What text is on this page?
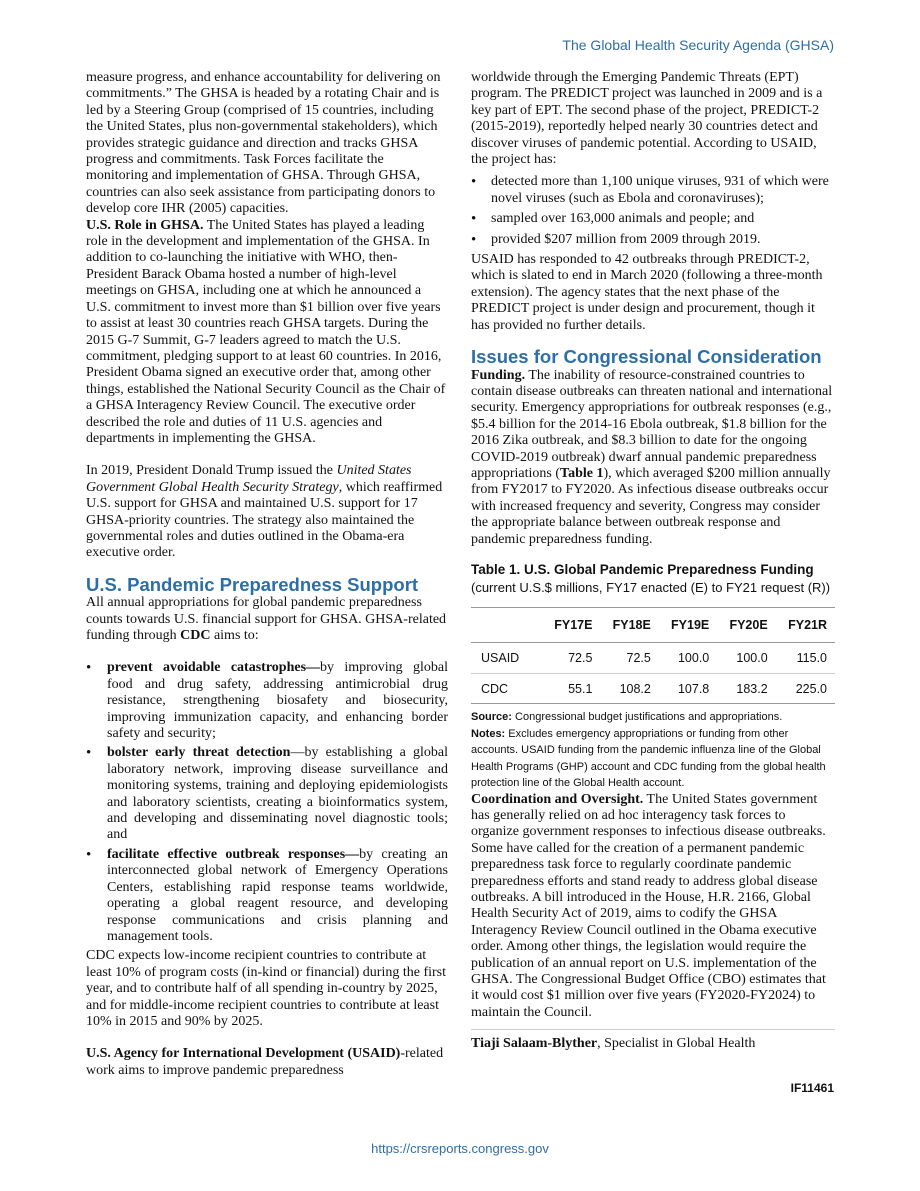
The Global Health Security Agenda (GHSA)

measure progress, and enhance accountability for delivering on commitments.” The GHSA is headed by a rotating Chair and is led by a Steering Group (comprised of 15 countries, including the United States, plus non-governmental stakeholders), which provides strategic guidance and direction and tracks GHSA progress and commitments. Task Forces facilitate the monitoring and implementation of GHSA. Through GHSA, countries can also seek assistance from participating donors to develop core IHR (2005) capacities.

U.S. Role in GHSA. The United States has played a leading role in the development and implementation of the GHSA. In addition to co-launching the initiative with WHO, then-President Barack Obama hosted a number of high-level meetings on GHSA, including one at which he announced a U.S. commitment to invest more than $1 billion over five years to assist at least 30 countries reach GHSA targets. During the 2015 G-7 Summit, G-7 leaders agreed to match the U.S. commitment, pledging support to at least 60 countries. In 2016, President Obama signed an executive order that, among other things, established the National Security Council as the Chair of a GHSA Interagency Review Council. The executive order described the role and duties of 11 U.S. agencies and departments in implementing the GHSA.

In 2019, President Donald Trump issued the United States Government Global Health Security Strategy, which reaffirmed U.S. support for GHSA and maintained U.S. support for 17 GHSA-priority countries. The strategy also maintained the governmental roles and duties outlined in the Obama-era executive order.

U.S. Pandemic Preparedness Support

All annual appropriations for global pandemic preparedness counts towards U.S. financial support for GHSA. GHSA-related funding through CDC aims to:

• prevent avoidable catastrophes—by improving global food and drug safety, addressing antimicrobial drug resistance, strengthening biosafety and biosecurity, improving immunization capacity, and enhancing border safety and security;
• bolster early threat detection—by establishing a global laboratory network, improving disease surveillance and monitoring systems, training and deploying epidemiologists and laboratory scientists, creating a bioinformatics system, and developing and disseminating novel diagnostic tools; and
• facilitate effective outbreak responses—by creating an interconnected global network of Emergency Operations Centers, establishing rapid response teams worldwide, operating a global reagent resource, and developing response communications and crisis planning and management tools.

CDC expects low-income recipient countries to contribute at least 10% of program costs (in-kind or financial) during the first year, and to contribute half of all spending in-country by 2025, and for middle-income recipient countries to contribute at least 10% in 2015 and 90% by 2025.

U.S. Agency for International Development (USAID)-related work aims to improve pandemic preparedness

worldwide through the Emerging Pandemic Threats (EPT) program. The PREDICT project was launched in 2009 and is a key part of EPT. The second phase of the project, PREDICT-2 (2015-2019), reportedly helped nearly 30 countries detect and discover viruses of pandemic potential. According to USAID, the project has:

• detected more than 1,100 unique viruses, 931 of which were novel viruses (such as Ebola and coronaviruses);
• sampled over 163,000 animals and people; and
• provided $207 million from 2009 through 2019.

USAID has responded to 42 outbreaks through PREDICT-2, which is slated to end in March 2020 (following a three-month extension). The agency states that the next phase of the PREDICT project is under design and procurement, though it has provided no further details.

Issues for Congressional Consideration

Funding. The inability of resource-constrained countries to contain disease outbreaks can threaten national and international security. Emergency appropriations for outbreak responses (e.g., $5.4 billion for the 2014-16 Ebola outbreak, $1.8 billion for the 2016 Zika outbreak, and $8.3 billion to date for the ongoing COVID-2019 outbreak) dwarf annual pandemic preparedness appropriations (Table 1), which averaged $200 million annually from FY2017 to FY2020. As infectious disease outbreaks occur with increased frequency and severity, Congress may consider the appropriate balance between outbreak response and pandemic preparedness funding.

Table 1. U.S. Global Pandemic Preparedness Funding
(current U.S.$ millions, FY17 enacted (E) to FY21 request (R))
	FY17E	FY18E	FY19E	FY20E	FY21R
USAID	72.5	72.5	100.0	100.0	115.0
CDC	55.1	108.2	107.8	183.2	225.0
Source: Congressional budget justifications and appropriations.
Notes: Excludes emergency appropriations or funding from other accounts. USAID funding from the pandemic influenza line of the Global Health Programs (GHP) account and CDC funding from the global health protection line of the Global Health account.

Coordination and Oversight. The United States government has generally relied on ad hoc interagency task forces to organize government responses to infectious disease outbreaks. Some have called for the creation of a permanent pandemic preparedness task force to regularly coordinate pandemic preparedness efforts and stand ready to address global disease outbreaks. A bill introduced in the House, H.R. 2166, Global Health Security Act of 2019, aims to codify the GHSA Interagency Review Council outlined in the Obama executive order. Among other things, the legislation would require the publication of an annual report on U.S. implementation of the GHSA. The Congressional Budget Office (CBO) estimates that it would cost $1 million over five years (FY2020-FY2024) to maintain the Council.

Tiaji Salaam-Blyther, Specialist in Global Health
IF11461
https://crsreports.congress.gov
